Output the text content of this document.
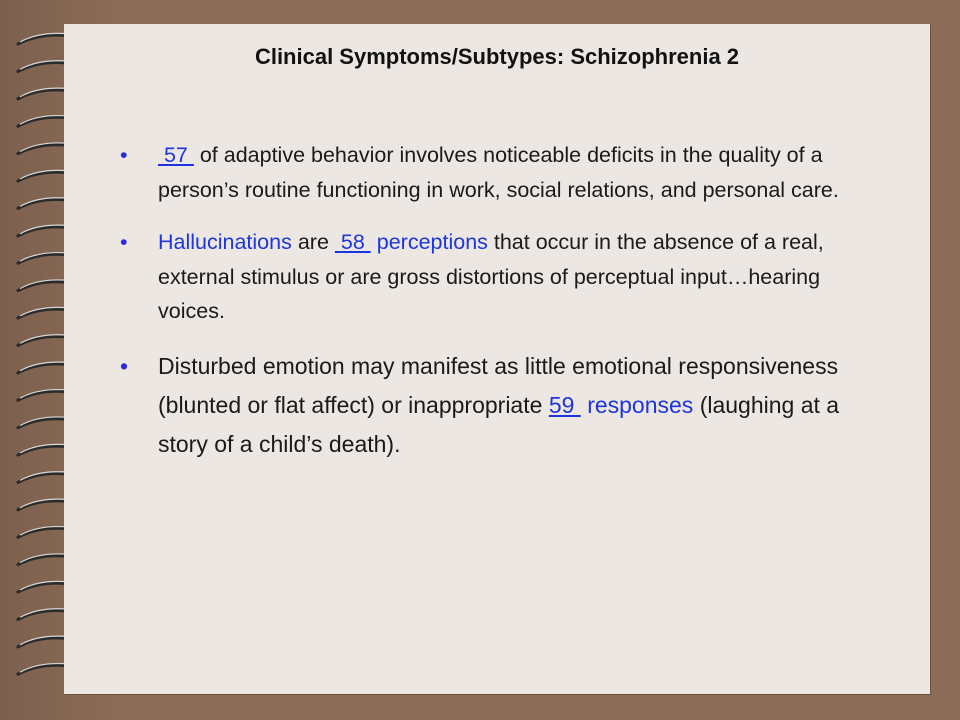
Clinical Symptoms/Subtypes: Schizophrenia 2
• 57  of adaptive behavior involves noticeable deficits in the quality of a person’s routine functioning in work, social relations, and personal care.
• Hallucinations are  58  perceptions that occur in the absence of a real, external stimulus or are gross distortions of perceptual input…hearing voices.
• Disturbed emotion may manifest as little emotional responsiveness (blunted or flat affect) or inappropriate 59  responses (laughing at a story of a child’s death).
